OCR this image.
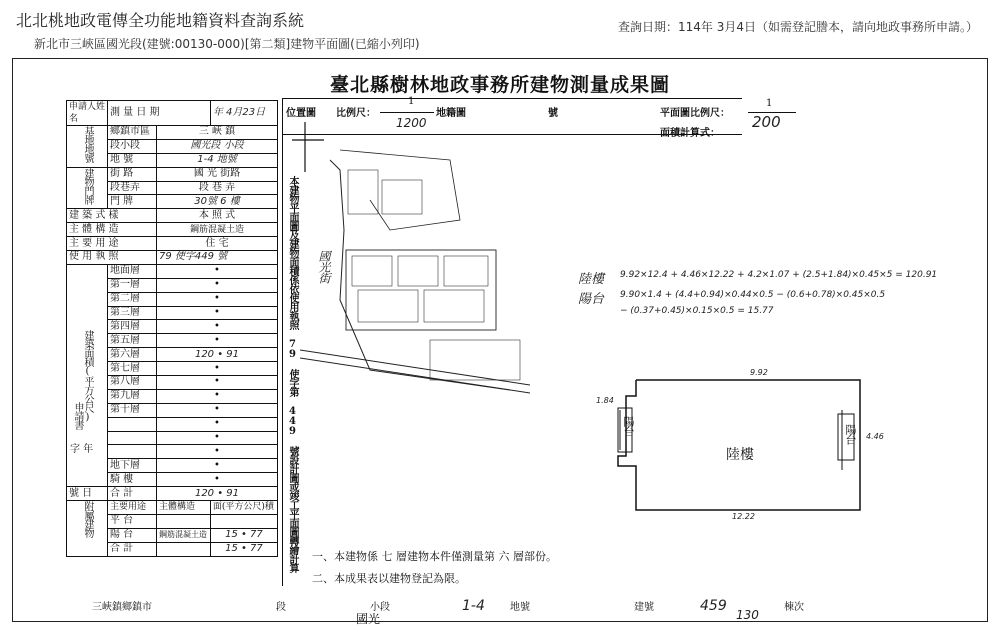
北北桃地政電傳全功能地籍資料查詢系統
新北市三峽區國光段(建號:00130-000)[第二類]建物平面圖(已縮小列印)
查詢日期：114年 3月4日（如需登記謄本，請向地政事務所申請。）
臺北縣樹林地政事務所建物測量成果圖
申請人姓名	測 量 日 期		年 4月23日
基地地號	鄉鎮市區	三 峽 鎮	
	段小段	國光段 小段	
	地 號	1-4 地號	
建物門牌	街 路	國 光 街路	
	段巷弄	段 巷 弄	
	門 牌	30號 6 樓	
建 築 式 樣		本 照 式	
主 體 構 造		鋼筋混凝土造	
主 要 用 途		住 宅	
使 用 執 照		79 使字449 號	
建築面積(平方公尺)	地面層	•	
	第一層	•	
	第二層	•	
	第三層	•	
	第四層	•	
	第五層	•	
	第六層	120 • 91	
	第七層	•	
	第八層	•	
	第九層	•	
	第十層	•	
		•	
		•	
		•	
	地下層	•	
	騎 樓	•	
號 日	合 計	120 • 91	
附屬建物	主要用途	主體構造	面(平方公尺)積
	平 台		
	陽 台	鋼筋混凝土造	15 • 77
	合 計		15 • 77
申請書
字 年
位置圖 比例尺：
1
1200
地籍圖	號	平面圖比例尺：
1
200
面積計算式：
本建物平面圖及建物面積係依使用執照 79 使字第 449 號設計圖或竣工平面圖轉繪計算 國光街	陸樓 9.92×12.4 + 4.46×12.22 + 4.2×1.07 + (2.5+1.84)×0.45×5 = 120.91
陽台 9.90×1.4 + (4.4+0.94)×0.44×0.5 − (0.6+0.78)×0.45×0.5
− (0.37+0.45)×0.15×0.5 = 15.77
陸樓
陽台	陽台
9.92
4.46
12.22
1.84
一、本建物係 七 層建物本件僅測量第 六 層部份。
二、本成果表以建物登記為限。
三峽鎮鄉鎮市	段	小段
國光
1-4	地號	建號	459
130
棟次
